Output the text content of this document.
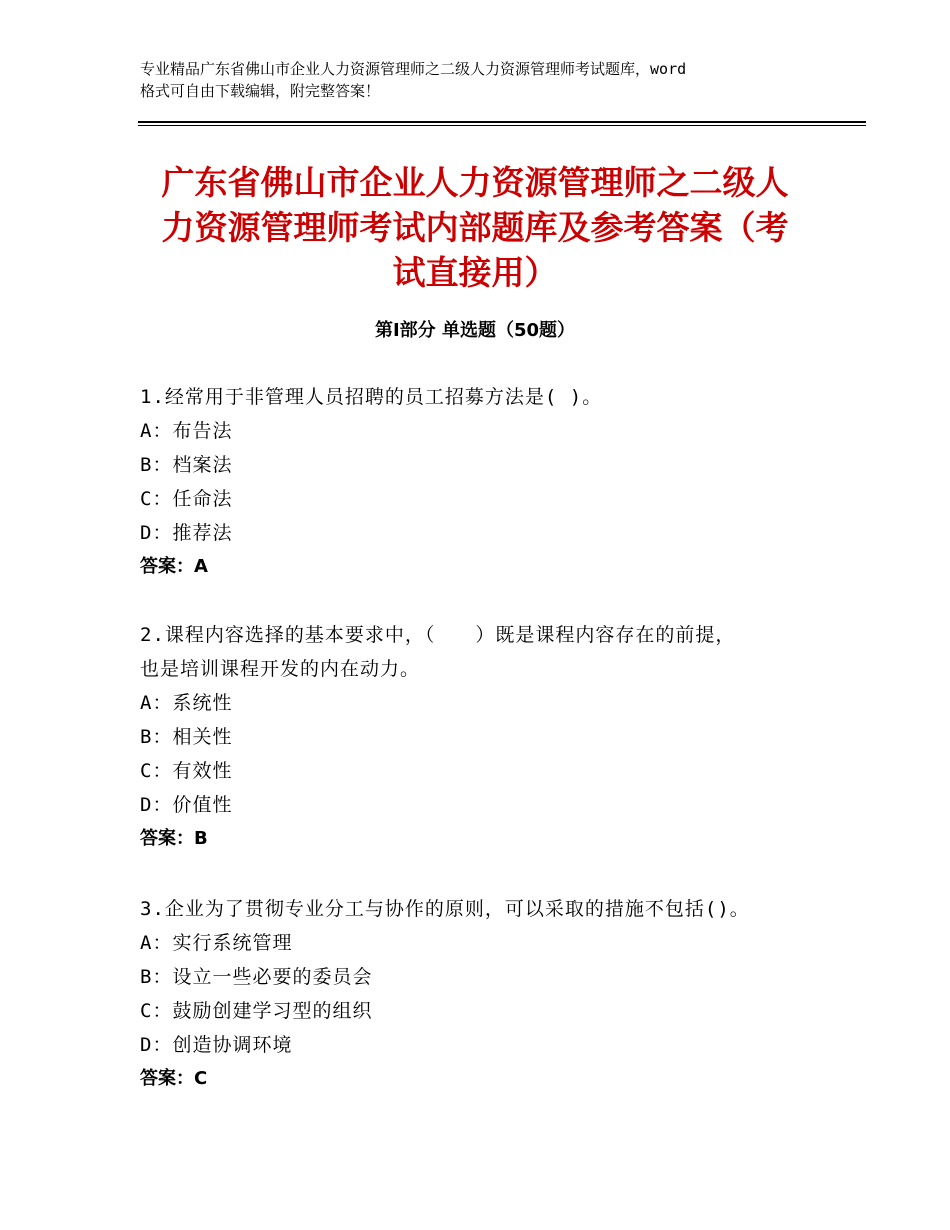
专业精品广东省佛山市企业人力资源管理师之二级人力资源管理师考试题库，word
格式可自由下载编辑，附完整答案！
广东省佛山市企业人力资源管理师之二级人
力资源管理师考试内部题库及参考答案（考
试直接用）
第Ⅰ部分 单选题（50题）
1.经常用于非管理人员招聘的员工招募方法是( )。
A：布告法
B：档案法
C：任命法
D：推荐法
答案：A
2.课程内容选择的基本要求中，（　　）既是课程内容存在的前提，
也是培训课程开发的内在动力。
A：系统性
B：相关性
C：有效性
D：价值性
答案：B
3.企业为了贯彻专业分工与协作的原则，可以采取的措施不包括()。
A：实行系统管理
B：设立一些必要的委员会
C：鼓励创建学习型的组织
D：创造协调环境
答案：C
